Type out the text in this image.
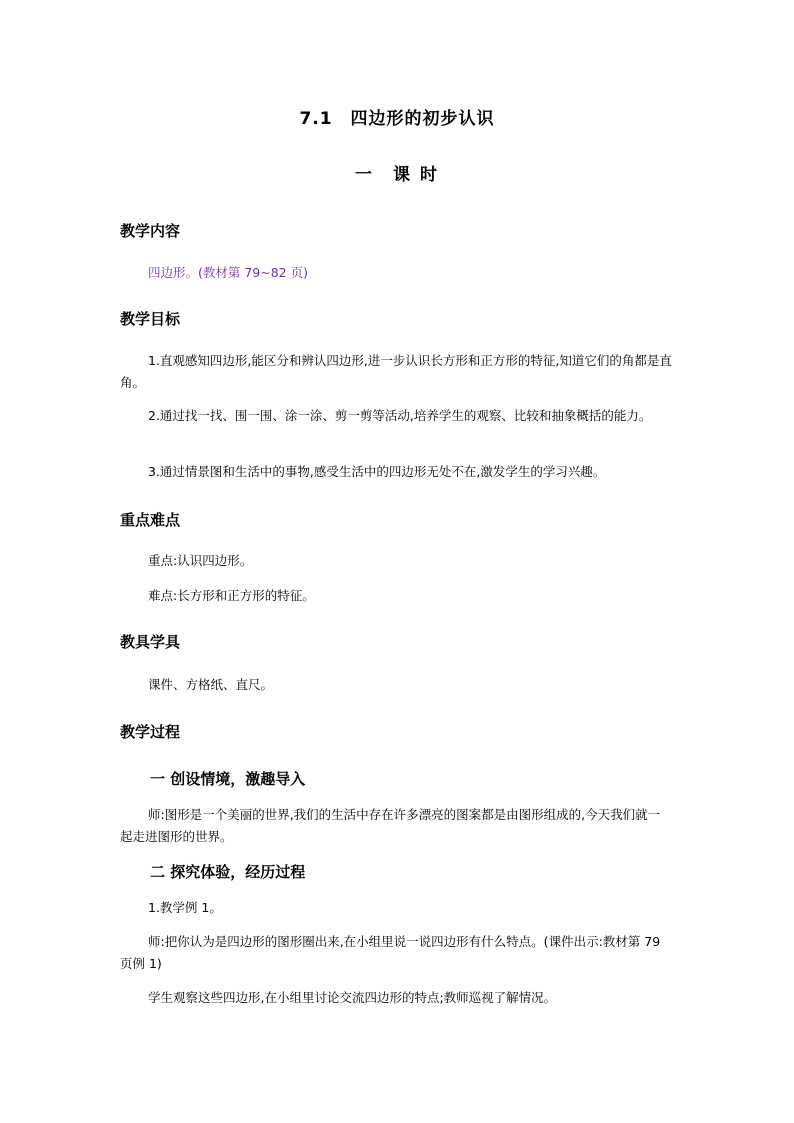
7.1　四边形的初步认识
一　课 时
教学内容
四边形。(教材第 79~82 页)
教学目标
1.直观感知四边形,能区分和辨认四边形,进一步认识长方形和正方形的特征,知道它们的角都是直角。
2.通过找一找、围一围、涂一涂、剪一剪等活动,培养学生的观察、比较和抽象概括的能力。
3.通过情景图和生活中的事物,感受生活中的四边形无处不在,激发学生的学习兴趣。
重点难点
重点:认识四边形。
难点:长方形和正方形的特征。
教具学具
课件、方格纸、直尺。
教学过程
一 创设情境，激趣导入
师:图形是一个美丽的世界,我们的生活中存在许多漂亮的图案都是由图形组成的,今天我们就一起走进图形的世界。
二 探究体验，经历过程
1.教学例 1。
师:把你认为是四边形的图形圈出来,在小组里说一说四边形有什么特点。(课件出示:教材第 79 页例 1)
学生观察这些四边形,在小组里讨论交流四边形的特点;教师巡视了解情况。
